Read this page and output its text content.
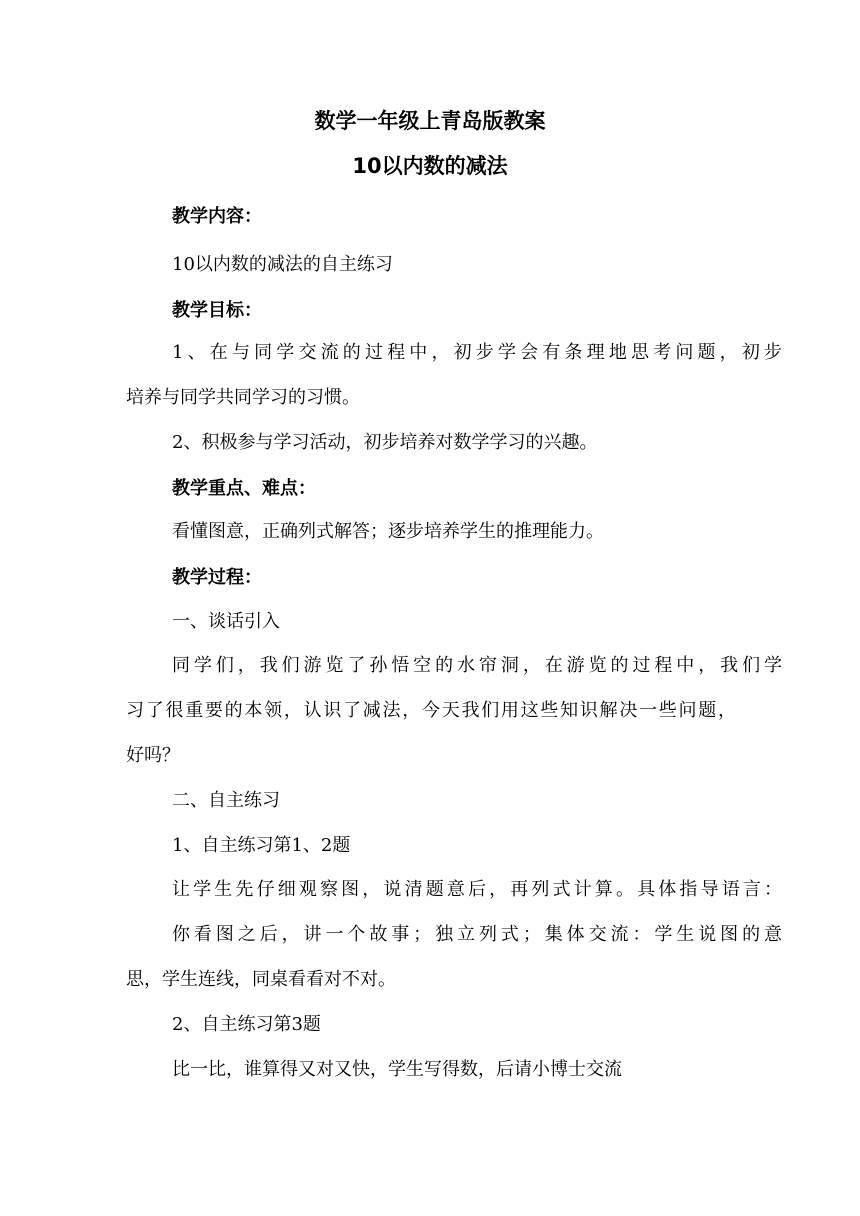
数学一年级上青岛版教案
10以内数的减法
教学内容：
10以内数的减法的自主练习
教学目标：
1、在与同学交流的过程中，初步学会有条理地思考问题，初步
培养与同学共同学习的习惯。
2、积极参与学习活动，初步培养对数学学习的兴趣。
教学重点、难点：
看懂图意，正确列式解答；逐步培养学生的推理能力。
教学过程：
一、谈话引入
同学们，我们游览了孙悟空的水帘洞，在游览的过程中，我们学
习了很重要的本领，认识了减法，今天我们用这些知识解决一些问题，
好吗？
二、自主练习
1、自主练习第1、2题
让学生先仔细观察图，说清题意后，再列式计算。具体指导语言：
你看图之后，讲一个故事；独立列式；集体交流：学生说图的意
思，学生连线，同桌看看对不对。
2、自主练习第3题
比一比，谁算得又对又快，学生写得数，后请小博士交流
